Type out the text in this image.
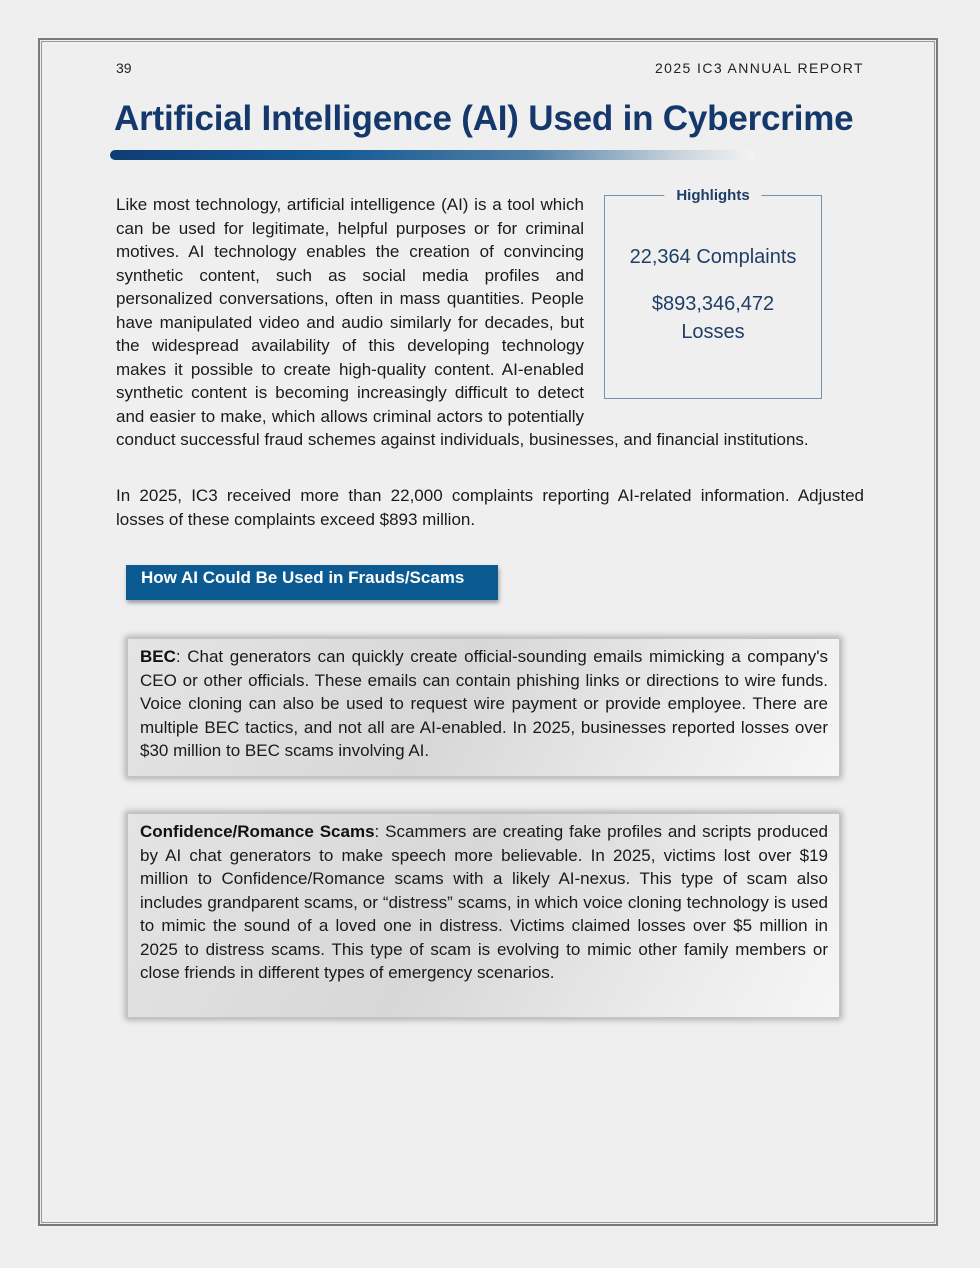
39	2025 IC3 ANNUAL REPORT
Artificial Intelligence (AI) Used in Cybercrime
Highlights
22,364 Complaints
$893,346,472
Losses
Like most technology, artificial intelligence (AI) is a tool which can be used for legitimate, helpful purposes or for criminal motives. AI technology enables the creation of convincing synthetic content, such as social media profiles and personalized conversations, often in mass quantities. People have manipulated video and audio similarly for decades, but the widespread availability of this developing technology makes it possible to create high-quality content. AI-enabled synthetic content is becoming increasingly difficult to detect and easier to make, which allows criminal actors to potentially conduct successful fraud schemes against individuals, businesses, and financial institutions.

In 2025, IC3 received more than 22,000 complaints reporting AI-related information. Adjusted losses of these complaints exceed $893 million.

How AI Could Be Used in Frauds/Scams

BEC: Chat generators can quickly create official-sounding emails mimicking a company's CEO or other officials. These emails can contain phishing links or directions to wire funds. Voice cloning can also be used to request wire payment or provide employee. There are multiple BEC tactics, and not all are AI-enabled. In 2025, businesses reported losses over $30 million to BEC scams involving AI.

Confidence/Romance Scams: Scammers are creating fake profiles and scripts produced by AI chat generators to make speech more believable. In 2025, victims lost over $19 million to Confidence/Romance scams with a likely AI-nexus. This type of scam also includes grandparent scams, or “distress” scams, in which voice cloning technology is used to mimic the sound of a loved one in distress. Victims claimed losses over $5 million in 2025 to distress scams. This type of scam is evolving to mimic other family members or close friends in different types of emergency scenarios.
